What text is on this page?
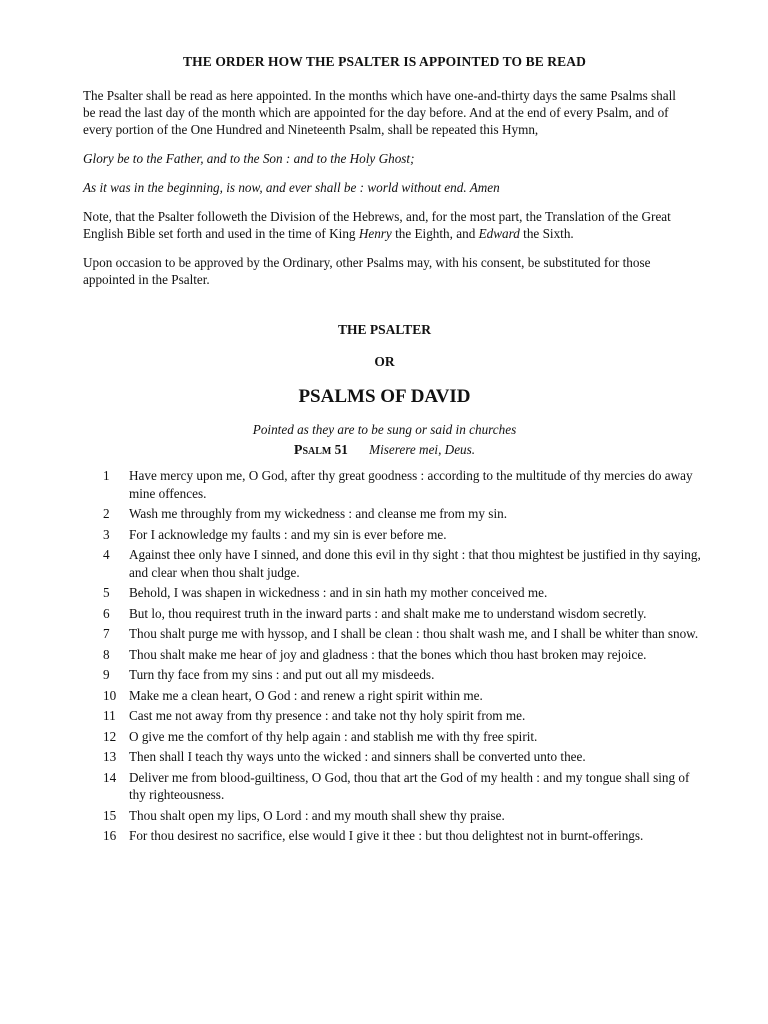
THE ORDER HOW THE PSALTER IS APPOINTED TO BE READ

The Psalter shall be read as here appointed. In the months which have one-and-thirty days the same Psalms shall be read the last day of the month which are appointed for the day before. And at the end of every Psalm, and of every portion of the One Hundred and Nineteenth Psalm, shall be repeated this Hymn,

Glory be to the Father, and to the Son : and to the Holy Ghost;

As it was in the beginning, is now, and ever shall be : world without end. Amen

Note, that the Psalter followeth the Division of the Hebrews, and, for the most part, the Translation of the Great English Bible set forth and used in the time of King Henry the Eighth, and Edward the Sixth.

Upon occasion to be approved by the Ordinary, other Psalms may, with his consent, be substituted for those appointed in the Psalter.

THE PSALTER
OR
PSALMS OF DAVID
Pointed as they are to be sung or said in churches
Psalm 51 Miserere mei, Deus.
1	Have mercy upon me, O God, after thy great goodness : according to the multitude of thy mercies do away mine offences.
2	Wash me throughly from my wickedness : and cleanse me from my sin.
3	For I acknowledge my faults : and my sin is ever before me.
4	Against thee only have I sinned, and done this evil in thy sight : that thou mightest be justified in thy saying, and clear when thou shalt judge.
5	Behold, I was shapen in wickedness : and in sin hath my mother conceived me.
6	But lo, thou requirest truth in the inward parts : and shalt make me to understand wisdom secretly.
7	Thou shalt purge me with hyssop, and I shall be clean : thou shalt wash me, and I shall be whiter than snow.
8	Thou shalt make me hear of joy and gladness : that the bones which thou hast broken may rejoice.
9	Turn thy face from my sins : and put out all my misdeeds.
10 Make me a clean heart, O God : and renew a right spirit within me.
11	Cast me not away from thy presence : and take not thy holy spirit from me.
12 O give me the comfort of thy help again : and stablish me with thy free spirit.
13 Then shall I teach thy ways unto the wicked : and sinners shall be converted unto thee.
14 Deliver me from blood-guiltiness, O God, thou that art the God of my health : and my tongue shall sing of thy righteousness.
15 Thou shalt open my lips, O Lord : and my mouth shall shew thy praise.
16 For thou desirest no sacrifice, else would I give it thee : but thou delightest not in burnt-offerings.
